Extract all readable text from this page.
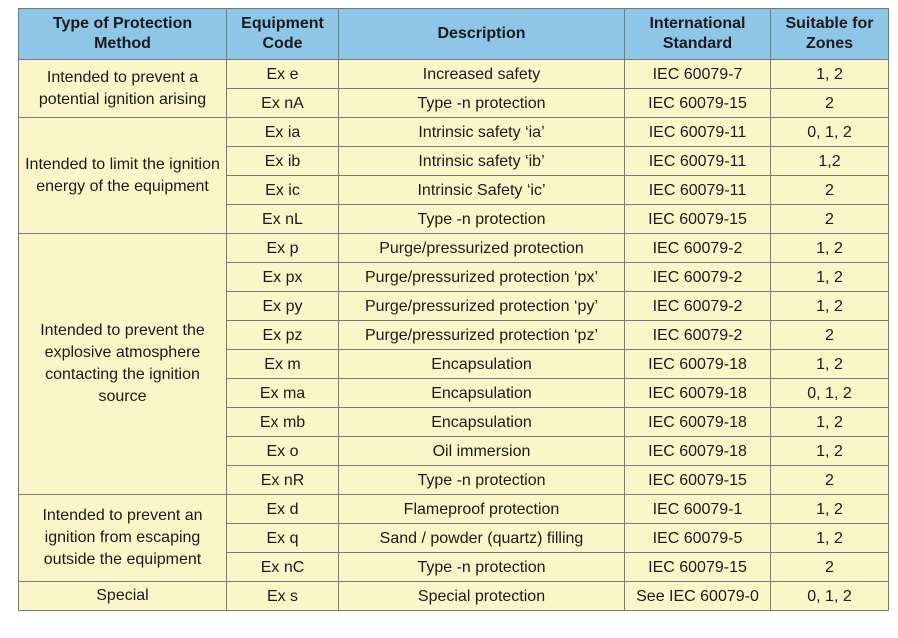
Type of Protection Method	Equipment Code	Description	International Standard	Suitable for Zones
Intended to prevent a potential ignition arising	Ex e	Increased safety	IEC 60079-7	1, 2
	Ex nA	Type -n protection	IEC 60079-15	2
Intended to limit the ignition energy of the equipment	Ex ia	Intrinsic safety ‘ia’	IEC 60079-11	0, 1, 2
	Ex ib	Intrinsic safety ‘ib’	IEC 60079-11	1,2
	Ex ic	Intrinsic Safety ‘ic’	IEC 60079-11	2
	Ex nL	Type -n protection	IEC 60079-15	2
Intended to prevent the explosive atmosphere contacting the ignition source	Ex p	Purge/pressurized protection	IEC 60079-2	1, 2
	Ex px	Purge/pressurized protection ‘px’	IEC 60079-2	1, 2
	Ex py	Purge/pressurized protection ‘py’	IEC 60079-2	1, 2
	Ex pz	Purge/pressurized protection ‘pz’	IEC 60079-2	2
	Ex m	Encapsulation	IEC 60079-18	1, 2
	Ex ma	Encapsulation	IEC 60079-18	0, 1, 2
	Ex mb	Encapsulation	IEC 60079-18	1, 2
	Ex o	Oil immersion	IEC 60079-18	1, 2
	Ex nR	Type -n protection	IEC 60079-15	2
Intended to prevent an ignition from escaping outside the equipment	Ex d	Flameproof protection	IEC 60079-1	1, 2
	Ex q	Sand / powder (quartz) filling	IEC 60079-5	1, 2
	Ex nC	Type -n protection	IEC 60079-15	2
Special	Ex s	Special protection	See IEC 60079-0	0, 1, 2
